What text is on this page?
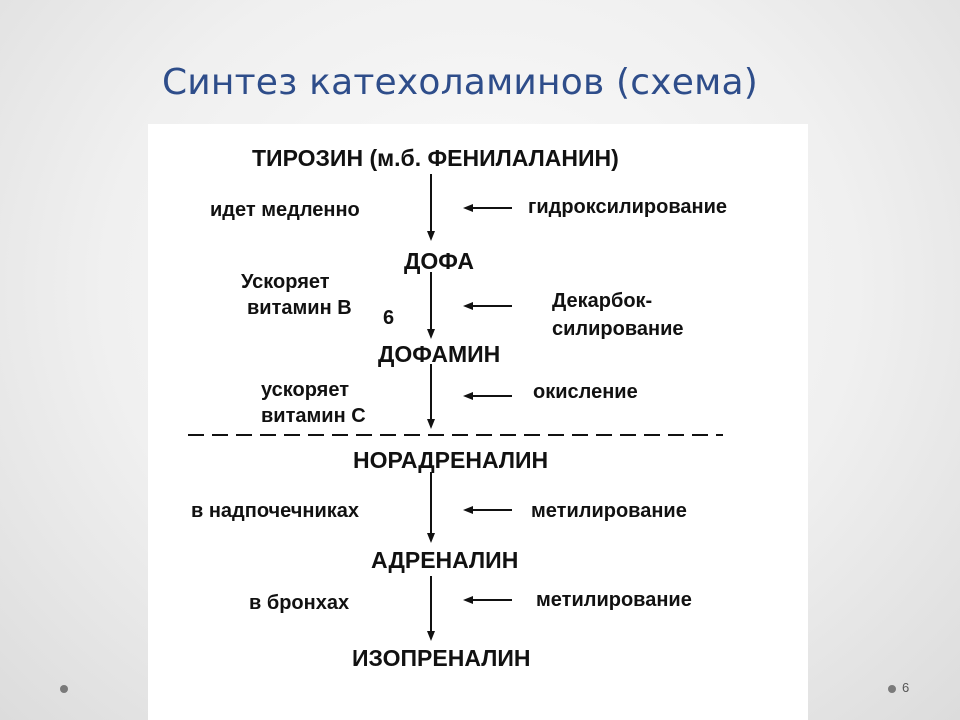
Синтез катехоламинов (схема)
ТИРОЗИН (м.б. ФЕНИЛАЛАНИН)
ДОФА
ДОФАМИН
НОРАДРЕНАЛИН
АДРЕНАЛИН
ИЗОПРЕНАЛИН
идет медленно
Ускоряет
витамин В 6
ускоряет
витамин С
в надпочечниках
в бронхах
гидроксилирование
Декарбок-
силирование
окисление
метилирование
метилирование
6
